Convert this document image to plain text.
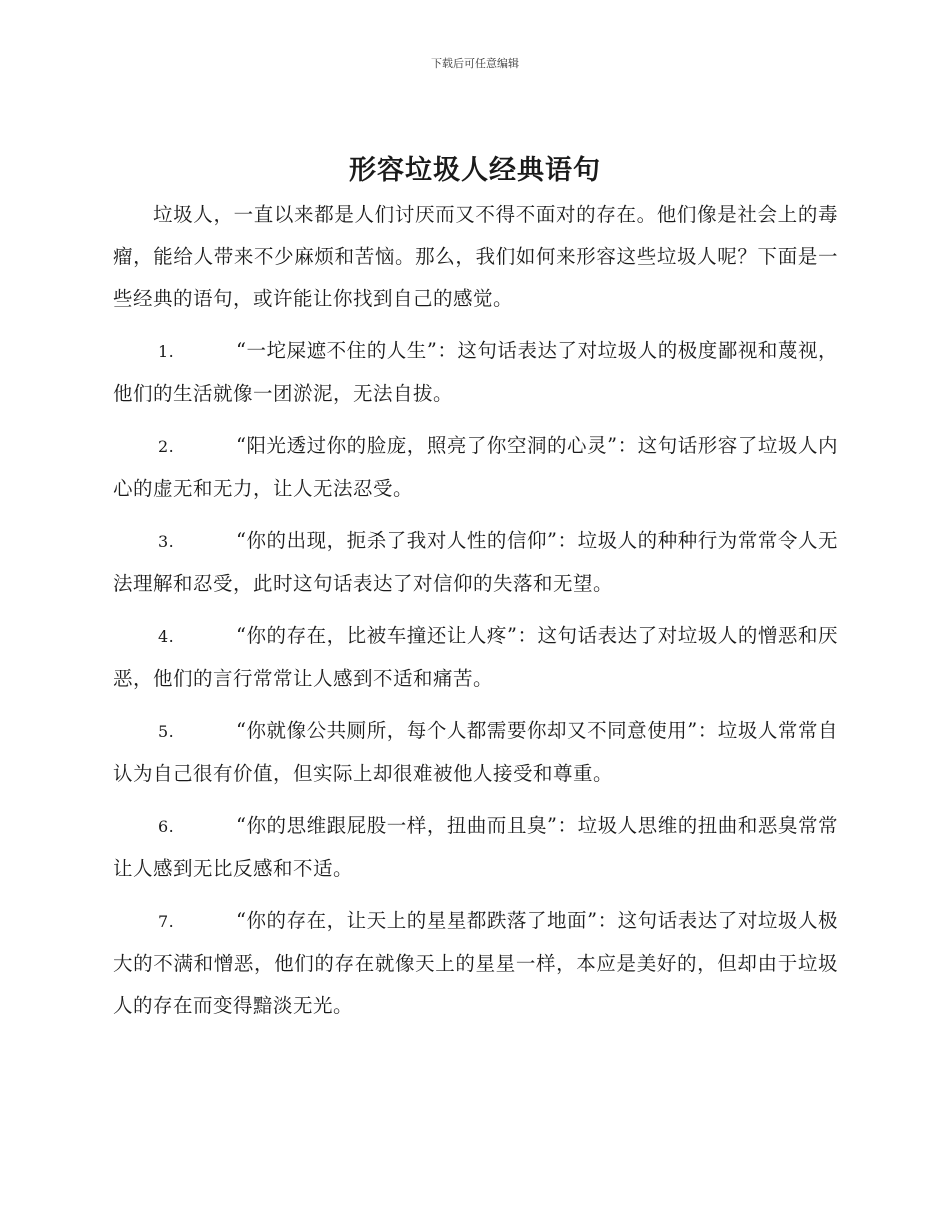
下载后可任意编辑
形容垃圾人经典语句

垃圾人，一直以来都是人们讨厌而又不得不面对的存在。他们像是社会上的毒瘤，能给人带来不少麻烦和苦恼。那么，我们如何来形容这些垃圾人呢？下面是一些经典的语句，或许能让你找到自己的感觉。

1.	“一坨屎遮不住的人生”：这句话表达了对垃圾人的极度鄙视和蔑视，他们的生活就像一团淤泥，无法自拔。

2.	“阳光透过你的脸庞，照亮了你空洞的心灵”：这句话形容了垃圾人内心的虚无和无力，让人无法忍受。

3.	“你的出现，扼杀了我对人性的信仰”：垃圾人的种种行为常常令人无法理解和忍受，此时这句话表达了对信仰的失落和无望。

4.	“你的存在，比被车撞还让人疼”：这句话表达了对垃圾人的憎恶和厌恶，他们的言行常常让人感到不适和痛苦。

5.	“你就像公共厕所，每个人都需要你却又不同意使用”：垃圾人常常自认为自己很有价值，但实际上却很难被他人接受和尊重。

6.	“你的思维跟屁股一样，扭曲而且臭”：垃圾人思维的扭曲和恶臭常常让人感到无比反感和不适。

7.	“你的存在，让天上的星星都跌落了地面”：这句话表达了对垃圾人极大的不满和憎恶，他们的存在就像天上的星星一样，本应是美好的，但却由于垃圾人的存在而变得黯淡无光。
